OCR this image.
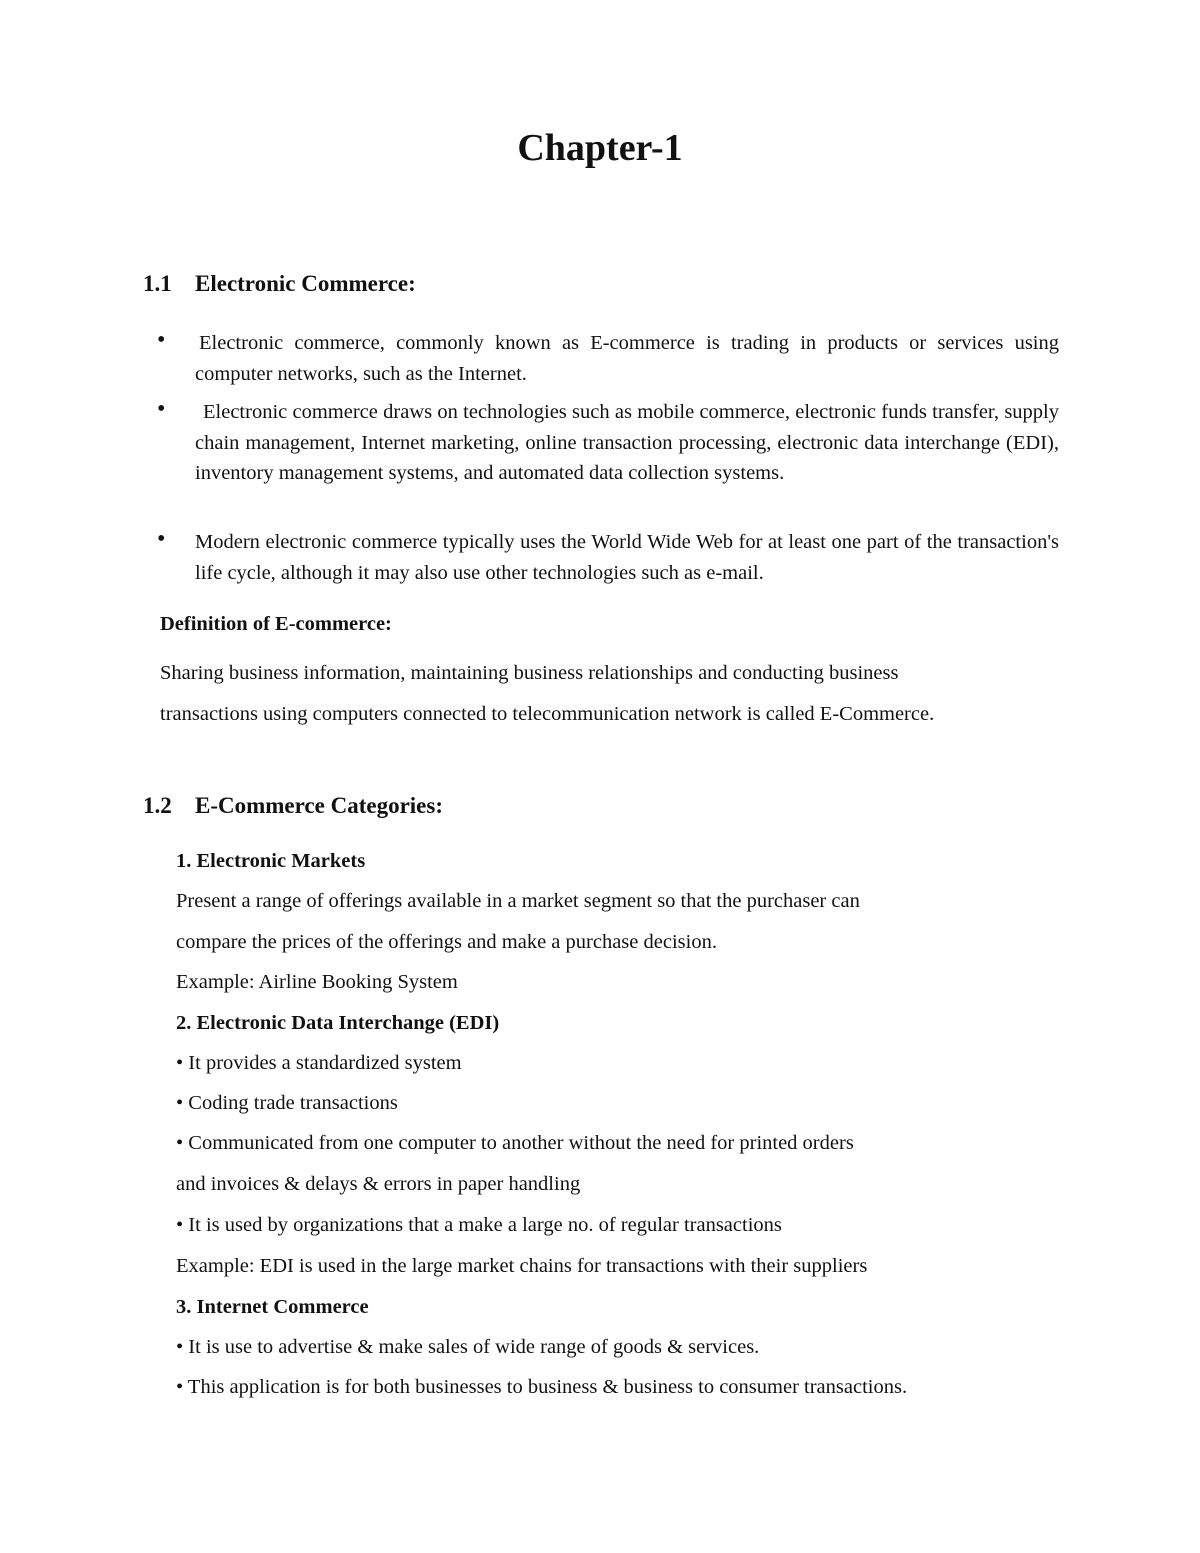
Chapter-1
1.1 Electronic Commerce:
• Electronic commerce, commonly known as E-commerce is trading in products or services using computer networks, such as the Internet.
•	Electronic commerce draws on technologies such as mobile commerce, electronic funds transfer, supply chain management, Internet marketing, online transaction processing, electronic data interchange (EDI), inventory management systems, and automated data collection systems.
• Modern electronic commerce typically uses the World Wide Web for at least one part of the transaction's life cycle, although it may also use other technologies such as e-mail.
Definition of E-commerce:
Sharing business information, maintaining business relationships and conducting business
transactions using computers connected to telecommunication network is called E-Commerce.
1.2 E-Commerce Categories:
1. Electronic Markets
Present a range of offerings available in a market segment so that the purchaser can
compare the prices of the offerings and make a purchase decision.
Example: Airline Booking System
2. Electronic Data Interchange (EDI)
• It provides a standardized system
• Coding trade transactions
• Communicated from one computer to another without the need for printed orders
and invoices & delays & errors in paper handling
• It is used by organizations that a make a large no. of regular transactions
Example: EDI is used in the large market chains for transactions with their suppliers
3. Internet Commerce
• It is use to advertise & make sales of wide range of goods & services.
• This application is for both businesses to business & business to consumer transactions.
